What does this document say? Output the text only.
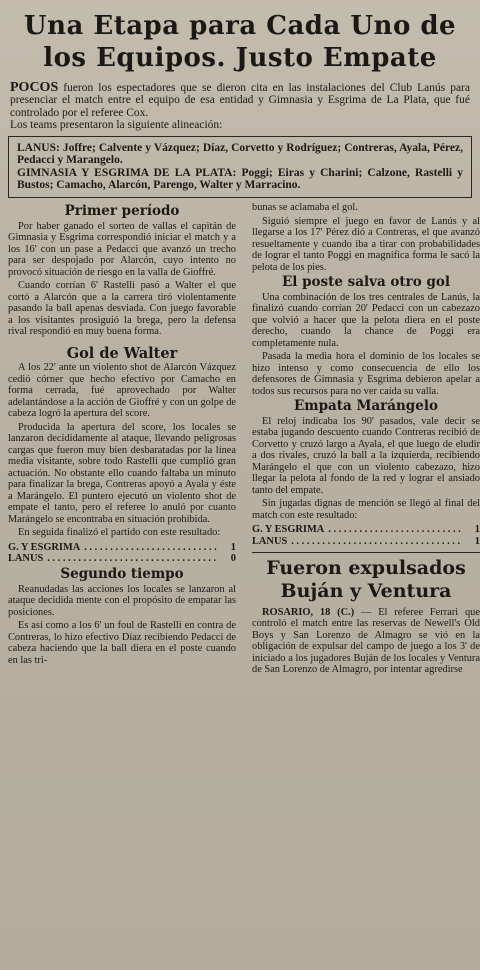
Una Etapa para Cada Uno de
los Equipos. Justo Empate

POCOS fueron los espectadores que se dieron cita en las instalaciones del Club Lanús para presenciar el match entre el equipo de esa entidad y Gimnasia y Esgrima de La Plata, que fué controlado por el referee Cox.

Los teams presentaron la siguiente alineación:

LANUS: Joffre; Calvente y Vázquez; Díaz, Corvetto y Rodríguez; Contreras, Ayala, Pérez, Pedacci y Marangelo.

GIMNASIA Y ESGRIMA DE LA PLATA: Poggi; Eiras y Charini; Calzone, Rastelli y Bustos; Camacho, Alarcón, Parengo, Walter y Marracino.

Primer período

Por haber ganado el sorteo de vallas el capitán de Gimnasia y Esgrima correspondió iniciar el match y a los 16' con un pase a Pedacci que avanzó un trecho para ser despojado por Alarcón, cuyo intento no provocó situación de riesgo en la valla de Gioffré.

Cuando corrían 6' Rastelli pasó a Walter el que cortó a Alarcón que a la carrera tiró violentamente pasando la ball apenas desviada. Con juego favorable a los visitantes prosiguió la brega, pero la defensa rival respondió en muy buena forma.

Gol de Walter

A los 22' ante un violento shot de Alarcón Vázquez cedió córner que hecho efectivo por Camacho en forma cerrada, fué aprovechado por Walter adelantándose a la acción de Gioffré y con un golpe de cabeza logró la apertura del score.

Producida la apertura del score, los locales se lanzaron decididamente al ataque, llevando peligrosas cargas que fueron muy bien desbaratadas por la línea media visitante, sobre todo Rastelli que cumplió gran actuación. No obstante ello cuando faltaba un minuto para finalizar la brega, Contreras apoyó a Ayala y éste a Marángelo. El puntero ejecutó un violento shot de empate el tanto, pero el referee lo anuló por cuanto Marángelo se encontraba en situación prohibida.

En seguida finalizó el partido con este resultado:

G. Y ESGRIMA . . .	1
LANUS . . .	0
Segundo tiempo

Reanudadas las acciones los locales se lanzaron al ataque decidida mente con el propósito de empatar las posiciones.

Es así como a los 6' un foul de Rastelli en contra de Contreras, lo hizo efectivo Díaz recibiendo Pedacci de cabeza haciendo que la ball diera en el poste cuando en las tri-

bunas se aclamaba el gol.

Siguió siempre el juego en favor de Lanús y al llegarse a los 17' Pérez dió a Contreras, el que avanzó resueltamente y cuando iba a tirar con probabilidades de lograr el tanto Poggi en magnífica forma le sacó la pelota de los pies.

El poste salva otro gol

Una combinación de los tres centrales de Lanús, la finalizó cuando corrían 20' Pedacci con un cabezazo que volvió a hacer que la pelota diera en el poste derecho, cuando la chance de Poggi era completamente nula.

Pasada la media hora el dominio de los locales se hizo intenso y como consecuencia de ello los defensores de Gimnasia y Esgrima debieron apelar a todos sus recursos para no ver caída su valla.

Empata Marángelo

El reloj indicaba los 90' pasados, vale decir se estaba jugando descuento cuando Contreras recibió de Corvetto y cruzó largo a Ayala, el que luego de eludir a dos rivales, cruzó la ball a la izquierda, recibiendo Marángelo el que con un violento cabezazo, hizo llegar la pelota al fondo de la red y lograr el ansiado tanto del empate.

Sin jugadas dignas de mención se llegó al final del match con este resultado:

G. Y ESGRIMA . . .	1
LANUS . . .	1
Fueron expulsados
Buján y Ventura

ROSARIO, 18 (C.) — El referee Ferrari que controló el match entre las reservas de Newell's Old Boys y San Lorenzo de Almagro se vió en la obligación de expulsar del campo de juego a los 3' de iniciado a los jugadores Buján de los locales y Ventura de San Lorenzo de Almagro, por intentar agredirse
